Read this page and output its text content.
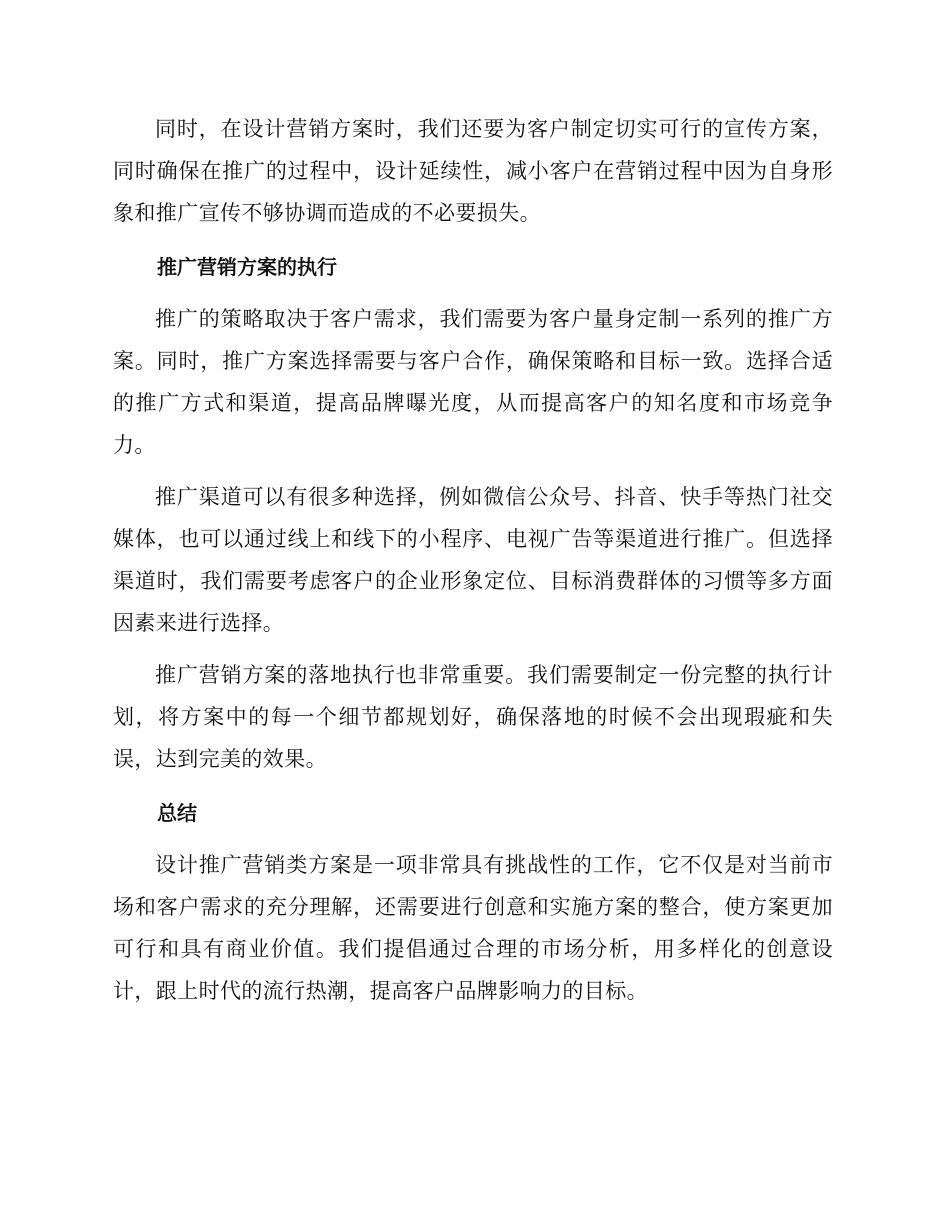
同时，在设计营销方案时，我们还要为客户制定切实可行的宣传方案，同时确保在推广的过程中，设计延续性，减小客户在营销过程中因为自身形象和推广宣传不够协调而造成的不必要损失。

推广营销方案的执行

推广的策略取决于客户需求，我们需要为客户量身定制一系列的推广方案。同时，推广方案选择需要与客户合作，确保策略和目标一致。选择合适的推广方式和渠道，提高品牌曝光度，从而提高客户的知名度和市场竞争力。

推广渠道可以有很多种选择，例如微信公众号、抖音、快手等热门社交媒体，也可以通过线上和线下的小程序、电视广告等渠道进行推广。但选择渠道时，我们需要考虑客户的企业形象定位、目标消费群体的习惯等多方面因素来进行选择。

推广营销方案的落地执行也非常重要。我们需要制定一份完整的执行计划，将方案中的每一个细节都规划好，确保落地的时候不会出现瑕疵和失误，达到完美的效果。

总结

设计推广营销类方案是一项非常具有挑战性的工作，它不仅是对当前市场和客户需求的充分理解，还需要进行创意和实施方案的整合，使方案更加可行和具有商业价值。我们提倡通过合理的市场分析，用多样化的创意设计，跟上时代的流行热潮，提高客户品牌影响力的目标。
